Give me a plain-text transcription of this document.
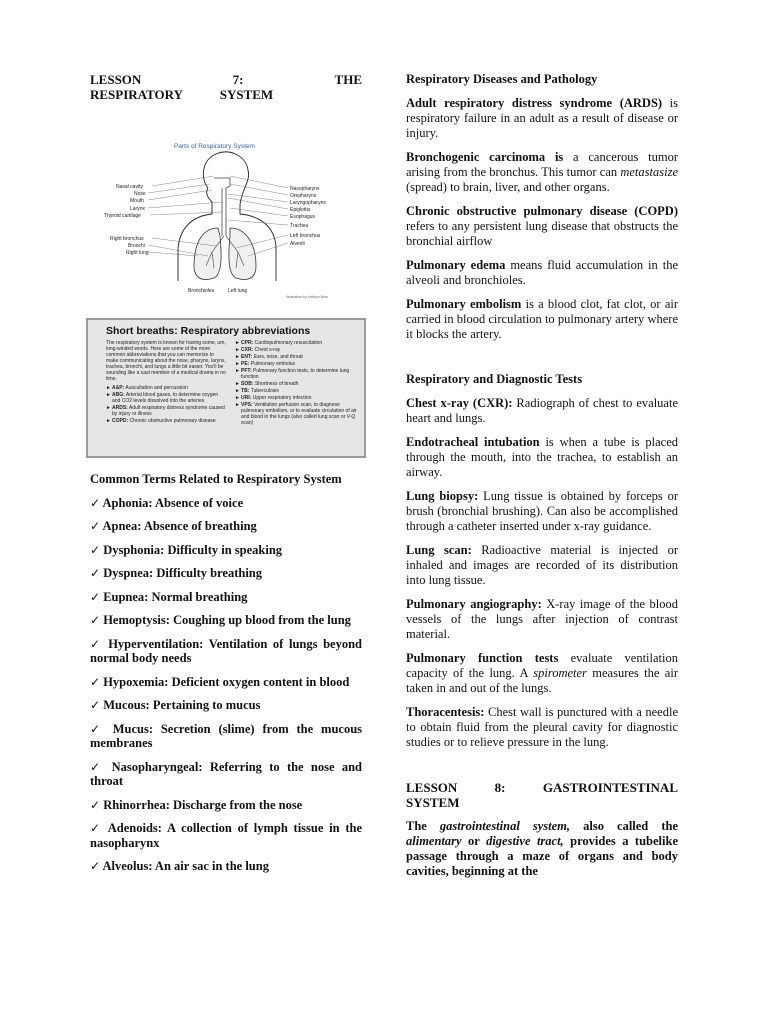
LESSON 7: THE RESPIRATORY SYSTEM
Parts of Respiratory System
Nasal cavity
Nose
Mouth
Larynx
Thyroid cartilage
Right bronchus
Bronchi
Right lung
Nasopharynx
Orepharynx
Laryngopharynx
Epiglottis
Esophagus
Trachea
Left bronchus
Alveoli
Bronchioles	Left lung
Illustration by Kathryn Born
Short breaths: Respiratory abbreviations
The respiratory system is known for having some, um, long-winded words. Here are some of the more common abbreviations that you can memorize to make communicating about the nose, pharynx, larynx, trachea, bronchi, and lungs a little bit easier. You'll be sounding like a cast member of a medical drama in no time.
► A&P: Auscultation and percussion
► ABG: Arterial blood gases, to determine oxygen and CO2 levels dissolved into the arteries
► ARDS: Adult respiratory distress syndrome caused by injury or illness
► COPD: Chronic obstructive pulmonary disease
► CPR: Cardiopulmonary resuscitation
► CXR: Chest x-ray
► ENT: Ears, nose, and throat
► PE: Pulmonary embolus
► PFT: Pulmonary function tests, to determine lung function
► SOB: Shortness of breath
► TB: Tuberculosis
► URI: Upper respiratory infection
► VPS: Ventilation perfusion scan, to diagnose pulmonary embolism, or to evaluate circulation of air and blood in the lungs (also called lung scan or V-Q scan)

Common Terms Related to Respiratory System

✓ Aphonia: Absence of voice

✓ Apnea: Absence of breathing

✓ Dysphonia: Difficulty in speaking

✓ Dyspnea: Difficulty breathing

✓ Eupnea: Normal breathing

✓ Hemoptysis: Coughing up blood from the lung

✓ Hyperventilation: Ventilation of lungs beyond normal body needs

✓ Hypoxemia: Deficient oxygen content in blood

✓ Mucous: Pertaining to mucus

✓ Mucus: Secretion (slime) from the mucous membranes

✓ Nasopharyngeal: Referring to the nose and throat

✓ Rhinorrhea: Discharge from the nose

✓ Adenoids: A collection of lymph tissue in the nasopharynx

✓ Alveolus: An air sac in the lung

Respiratory Diseases and Pathology

Adult respiratory distress syndrome (ARDS) is respiratory failure in an adult as a result of disease or injury.

Bronchogenic carcinoma is a cancerous tumor arising from the bronchus. This tumor can metastasize (spread) to brain, liver, and other organs.

Chronic obstructive pulmonary disease (COPD) refers to any persistent lung disease that obstructs the bronchial airflow

Pulmonary edema means fluid accumulation in the alveoli and bronchioles.

Pulmonary embolism is a blood clot, fat clot, or air carried in blood circulation to pulmonary artery where it blocks the artery.

Respiratory and Diagnostic Tests

Chest x-ray (CXR): Radiograph of chest to evaluate heart and lungs.

Endotracheal intubation is when a tube is placed through the mouth, into the trachea, to establish an airway.

Lung biopsy: Lung tissue is obtained by forceps or brush (bronchial brushing). Can also be accomplished through a catheter inserted under x-ray guidance.

Lung scan: Radioactive material is injected or inhaled and images are recorded of its distribution into lung tissue.

Pulmonary angiography: X-ray image of the blood vessels of the lungs after injection of contrast material.

Pulmonary function tests evaluate ventilation capacity of the lung. A spirometer measures the air taken in and out of the lungs.

Thoracentesis: Chest wall is punctured with a needle to obtain fluid from the pleural cavity for diagnostic studies or to relieve pressure in the lung.

LESSON 8: GASTROINTESTINAL SYSTEM

The gastrointestinal system, also called the alimentary or digestive tract, provides a tubelike passage through a maze of organs and body cavities, beginning at the
